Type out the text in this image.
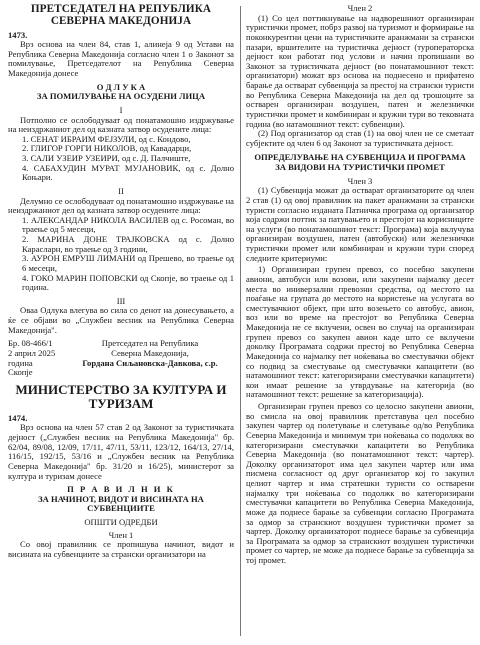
ПРЕТСЕДАТЕЛ НА РЕПУБЛИКА
СЕВЕРНА МАКЕДОНИЈА

1473.

Врз основа на член 84, став 1, алинеја 9 од Устави на Република Северна Македонија согласно член 1 о Законот за помилување, Претседателот на Република Северна Македонија донесе

О Д Л У К А

ЗА ПОМИЛУВАЊЕ НА ОСУДЕНИ ЛИЦА

I

Потполно се ослободуваат од понатамошно издржување на неиздржаниот дел од казната затвор осудените лица:

1. СЕНАТ ИБРАИМ ФЕЈЗУЛИ, од с. Кондово,

2. ГЛИГОР ГОРГИ НИКОЛОВ, од Кавадарци,

3. САЛИ УЗЕИР УЗЕИРИ, од с. Д. Палчиште,

4. САБАХУДИН МУРАТ МУЈАНОВИК, од с. Долно Коњари.

II

Делумно се ослободуваат од понатамошно издржување на неиздржаниот дел од казната затвор осудените лица:

1. АЛЕКСАНДАР НИКОЛА ВАСИЛЕВ од с. Росоман, во траење од 5 месеци,

2. МАРИНА ДОНЕ ТРАЈКОВСКА од с. Долно Карасларн, во траење од 3 години,

3. АУРОН ЕМРУШ ЛИМАНИ од Прешево, во траење од 6 месеци,

4. ГОКО МАРИН ПОПОВСКИ од Скопје, во траење од 1 година.

III

Оваа Одлука влегува во сила со денот на донесувањето, а ќе се објави во „Службен весник на Република Северна Македонија".

Бр. 08-466/1
2 април 2025 година
Скопје
Претседател на Република
Северна Македонија,
Гордана Сиљановска-Давкова, с.р.
МИНИСТЕРСТВО ЗА КУЛТУРА И
ТУРИЗАМ

1474.

Врз основа на член 57 став 2 од Законот за туристичката дејност („Службен весник на Република Македонија" бр. 62/04, 89/08, 12/09, 17/11, 47/11, 53/11, 123/12, 164/13, 27/14, 116/15, 192/15, 53/16 и „Службен весник на Република Северна Македонија" бр. 31/20 и 16/25), министерот за култура и туризам донесе

П Р А В И Л Н И К

ЗА НАЧИНОТ, ВИДОТ И ВИСИНАТА НА
СУБВЕНЦИИТЕ

ОПШТИ ОДРЕДБИ

Член 1

Со овој правилник се пропишува начинот, видот и висината на субвенциите за странски организатори на

Член 2

(1) Со цел поттикнување на надворешниот организиран туристички промет, побрз развој на туризмот и формирање на поконкурентни цени на туристичките аранжмани за странски пазари, вршителите на туристичка дејност (туроператорска дејност кои работат под услови и начин пропишани во Законот за туристичката дејност (во понатамошниот текст: организатори) можат врз основа на поднесено и прифатено барање да остварат субвенција за престој на странски туристи во Република Северна Македонија на дел од трошоците за остварен организиран воздушен, патен и железнички туристички промет и комбиниран и кружни тури во тековната година (во натамошниот текст: субвенции).

(2) Под организатор од став (1) на овој член не се сметаат субјектите од член 6 од Законот за туристичката дејност.

ОПРЕДЕЛУВАЊЕ НА СУБВЕНЦИЈА И ПРОГРАМА
ЗА ВИДОВИ НА ТУРИСТИЧКИ ПРОМЕТ

Член 3

(1) Субвенција можат да остварат организаторите од член 2 став (1) од овој правилник на пакет аранжмани за странски туристи согласно изданата Патничка програма од организатор која содржи поттик за патувањето и престојот на корисниците на услуги (во понатамошниот текст: Програма) која вклучува организиран воздушен, патен (автобуски) или железнички туристички промет или комбиниран и кружни тури според следните критериуми:

1) Организиран групен превоз, со посебно закупени авиони, автобуси или возови, или закупени најмалку десет места во иниверзални превозни средства, од местото на поаѓање на групата до местото на користење на услугата во сместувачкиот објект, при што возењето со автобус, авион, воз или во време на престојот во Република Северна Македонија не се вклучени, освен во случај на организиран групен превоз со закупен авион каде што се вклучени доколку Програмата содржи престој во Република Северна Македонија со најмалку пет ноќевања во сместувачки објект со подвид за сместување од сместувачки капацитети (во натамошниот текст: категоризирани сместувачки капацитети) кои имаат решение за утврдување на категорија (во натамошниот текст: решение за категоризација).

Организиран групен превоз со целосно закупени авиони, во смисла на овој правилник претставува цел посебно закупен чартер од полетување и слетување од/во Република Северна Македонија и минимум три ноќевања со подолжк во категоризирани сместувачки капацитети во Република Северна Македонија (во понатамошниот текст: чартер). Доколку организаторот има цел закупен чартер или има писмена согласност од друг организатор кој го закупил целиот чартер и има стратешки туристи со остварени најмалку три ноќевања со подолжк во категоризирани сместувачки капацитети во Република Северна Македонија, може да поднесе барање за субвенции согласно Програмата за одмор за странскиот воздушен туристички промет за чартер. Доколку организаторот поднесе барање за субвенција за Програмата за одмор за странскиот воздушен туристички промет со чартер, не може да поднесе барање за субвенција за тој промет.
